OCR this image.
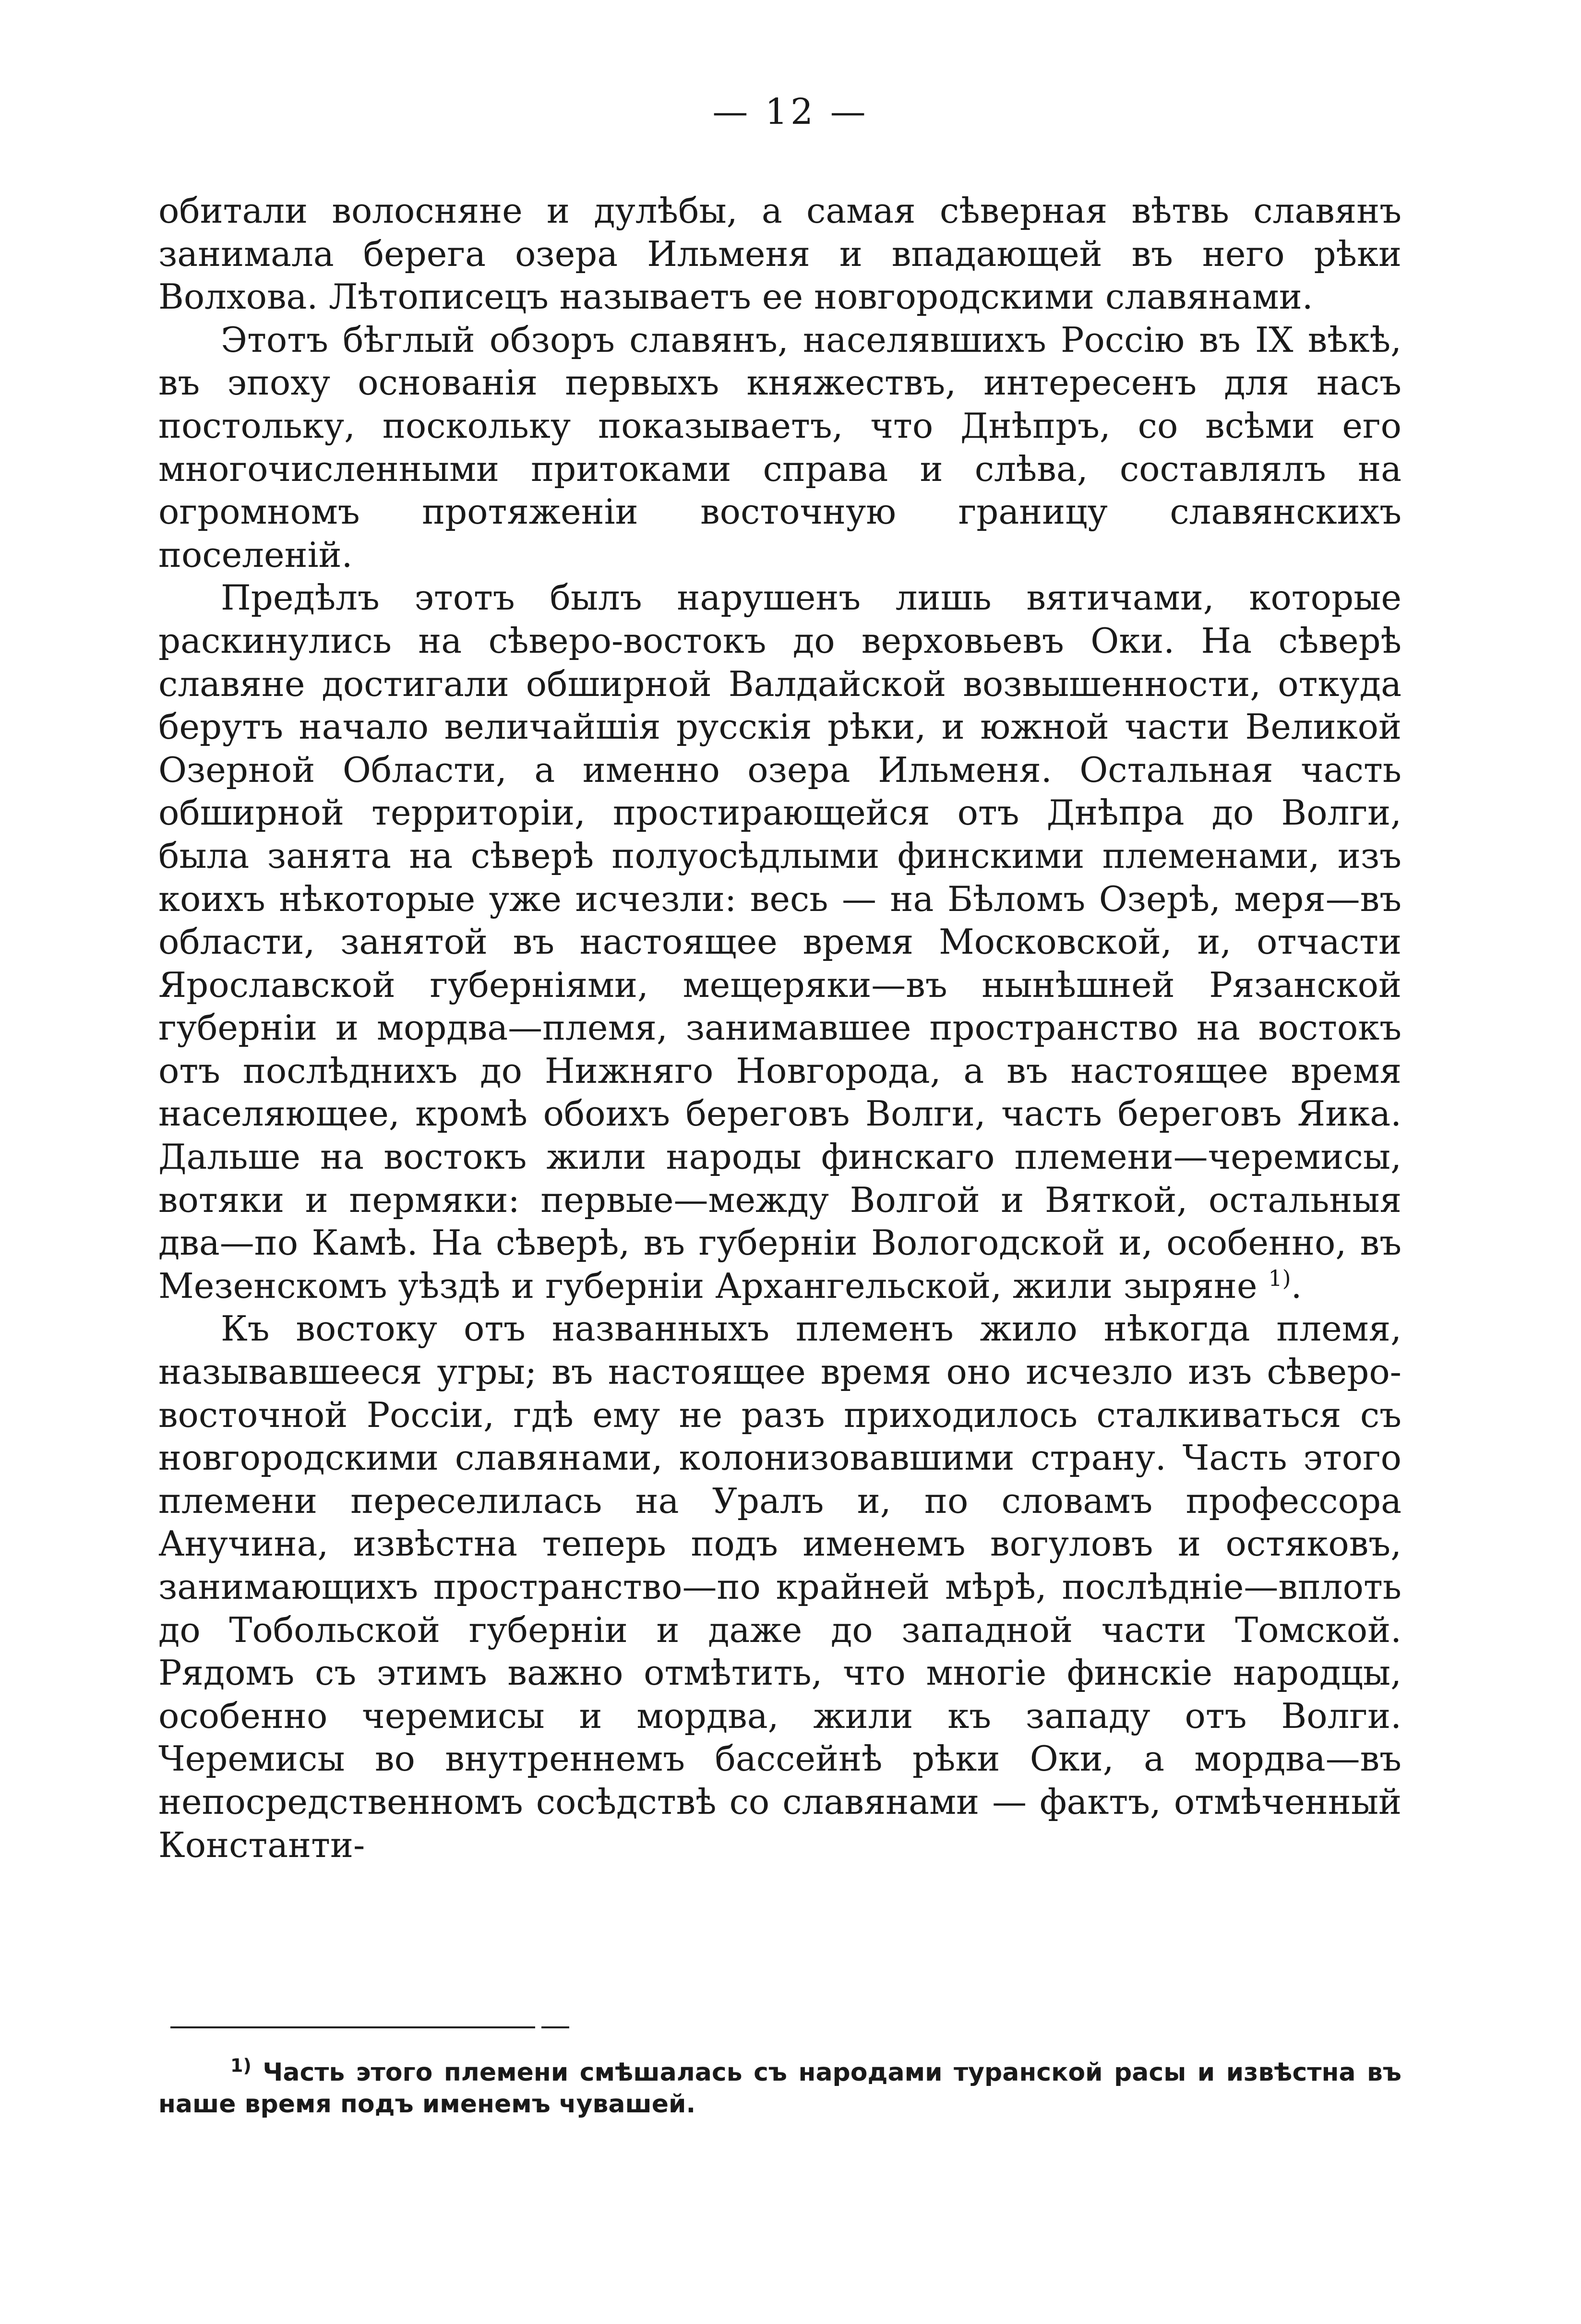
— 12 —

обитали волосняне и дулѣбы, а самая сѣверная вѣтвь славянъ занимала берега озера Ильменя и впадающей въ него рѣки Волхова. Лѣтописецъ называетъ ее новгородскими славянами.

Этотъ бѣглый обзоръ славянъ, населявшихъ Россію въ IX вѣкѣ, въ эпоху основанія первыхъ княжествъ, интересенъ для насъ постольку, поскольку показываетъ, что Днѣпръ, со всѣми его многочисленными притоками справа и слѣва, составлялъ на огромномъ протяженіи восточную границу славянскихъ поселеній.

Предѣлъ этотъ былъ нарушенъ лишь вятичами, которые раскинулись на сѣверо-востокъ до верховьевъ Оки. На сѣверѣ славяне достигали обширной Валдайской возвышенности, откуда берутъ начало величайшія русскія рѣки, и южной части Великой Озерной Области, а именно озера Ильменя. Остальная часть обширной территоріи, простирающейся отъ Днѣпра до Волги, была занята на сѣверѣ полуосѣдлыми финскими племенами, изъ коихъ нѣкоторые уже исчезли: весь — на Бѣломъ Озерѣ, меря—въ области, занятой въ настоящее время Московской, и, отчасти Ярославской губерніями, мещеряки—въ нынѣшней Рязанской губерніи и мордва—племя, занимавшее пространство на востокъ отъ послѣднихъ до Нижняго Новгорода, а въ настоящее время населяющее, кромѣ обоихъ береговъ Волги, часть береговъ Яика. Дальше на востокъ жили народы финскаго племени—черемисы, вотяки и пермяки: первые—между Волгой и Вяткой, остальныя два—по Камѣ. На сѣверѣ, въ губерніи Вологодской и, особенно, въ Мезенскомъ уѣздѣ и губерніи Архангельской, жили зыряне $^{1)}$.

Къ востоку отъ названныхъ племенъ жило нѣкогда племя, называвшееся угры; въ настоящее время оно исчезло изъ сѣверо-восточной Россіи, гдѣ ему не разъ приходилось сталкиваться съ новгородскими славянами, колонизовавшими страну. Часть этого племени переселилась на Уралъ и, по словамъ профессора Анучина, извѣстна теперь подъ именемъ вогуловъ и остяковъ, занимающихъ пространство—по крайней мѣрѣ, послѣдніе—вплоть до Тобольской губерніи и даже до западной части Томской. Рядомъ съ этимъ важно отмѣтить, что многіе финскіе народцы, особенно черемисы и мордва, жили къ западу отъ Волги. Черемисы во внутреннемъ бассейнѣ рѣки Оки, а мордва—въ непосредственномъ сосѣдствѣ со славянами — фактъ, отмѣченный Константи-

$^{1)}$ Часть этого племени смѣшалась съ народами туранской расы и извѣстна въ наше время подъ именемъ чувашей.
